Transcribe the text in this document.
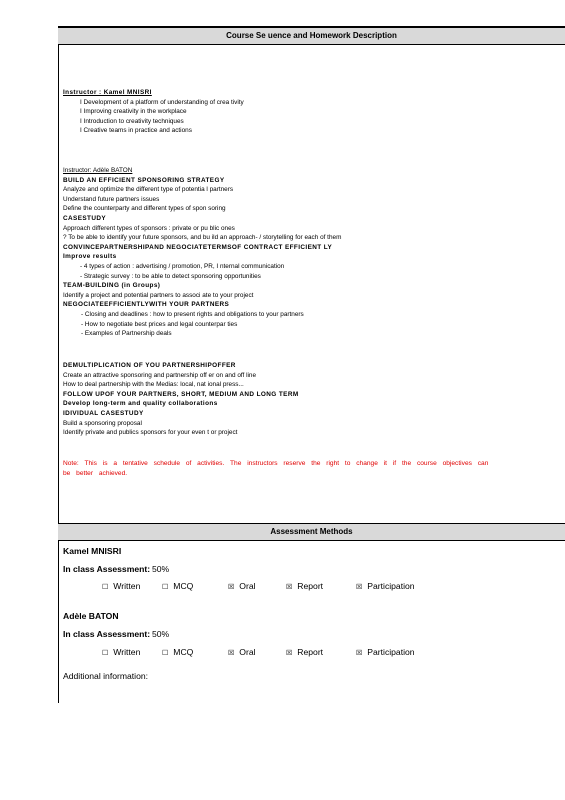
Course Se uence and Homework Description
Instructor : Kamel MNISRI
I Development of a platform of understanding of crea tivity
I Improving creativity in the workplace
I Introduction to creativity techniques
I Creative teams in practice and actions
Instructor: Adèle BATON
BUILD AN EFFICIENT SPONSORING STRATEGY
Analyze and optimize the different type of potentia l partners
Understand future partners issues
Define the counterparty and different types of spon soring
CASESTUDY
Approach different types of sponsors : private or pu blic ones
? To be able to identify your future sponsors, and bu ild an approach- / storytelling for each of them
CONVINCEPARTNERSHIPAND NEGOCIATETERMSOF CONTRACT EFFICIENT LY
Improve results
- 4 types of action : advertising / promotion, PR, I nternal communication
- Strategic survey : to be able to detect sponsoring opportunities
TEAM-BUILDING (in Groups)
Identify a project and potential partners to associ ate to your project
NEGOCIATEEFFICIENTLYWITH YOUR PARTNERS
- Closing and deadlines : how to present rights and obligations to your partners
- How to negotiate best prices and legal counterpar ties
- Examples of Partnership deals
DEMULTIPLICATION OF YOU PARTNERSHIPOFFER
Create an attractive sponsoring and partnership off er on and off line
How to deal partnership with the Medias: local, nat ional press...
FOLLOW UPOF YOUR PARTNERS, SHORT, MEDIUM AND LONG TERM
Develop long-term and quality collaborations
IDIVIDUAL CASESTUDY
Build a sponsoring proposal
Identify private and publics sponsors for your even t or project
Note: This is a tentative schedule of activities. The instructors reserve the right to change it if the course objectives can be better achieved.
Assessment Methods
Kamel MNISRI
In class Assessment: 50%
☐ Written	☐ MCQ	☒ Oral	☒ Report	☒ Participation
Adèle BATON
In class Assessment: 50%
☐ Written	☐ MCQ	☒ Oral	☒ Report	☒ Participation
Additional information:
